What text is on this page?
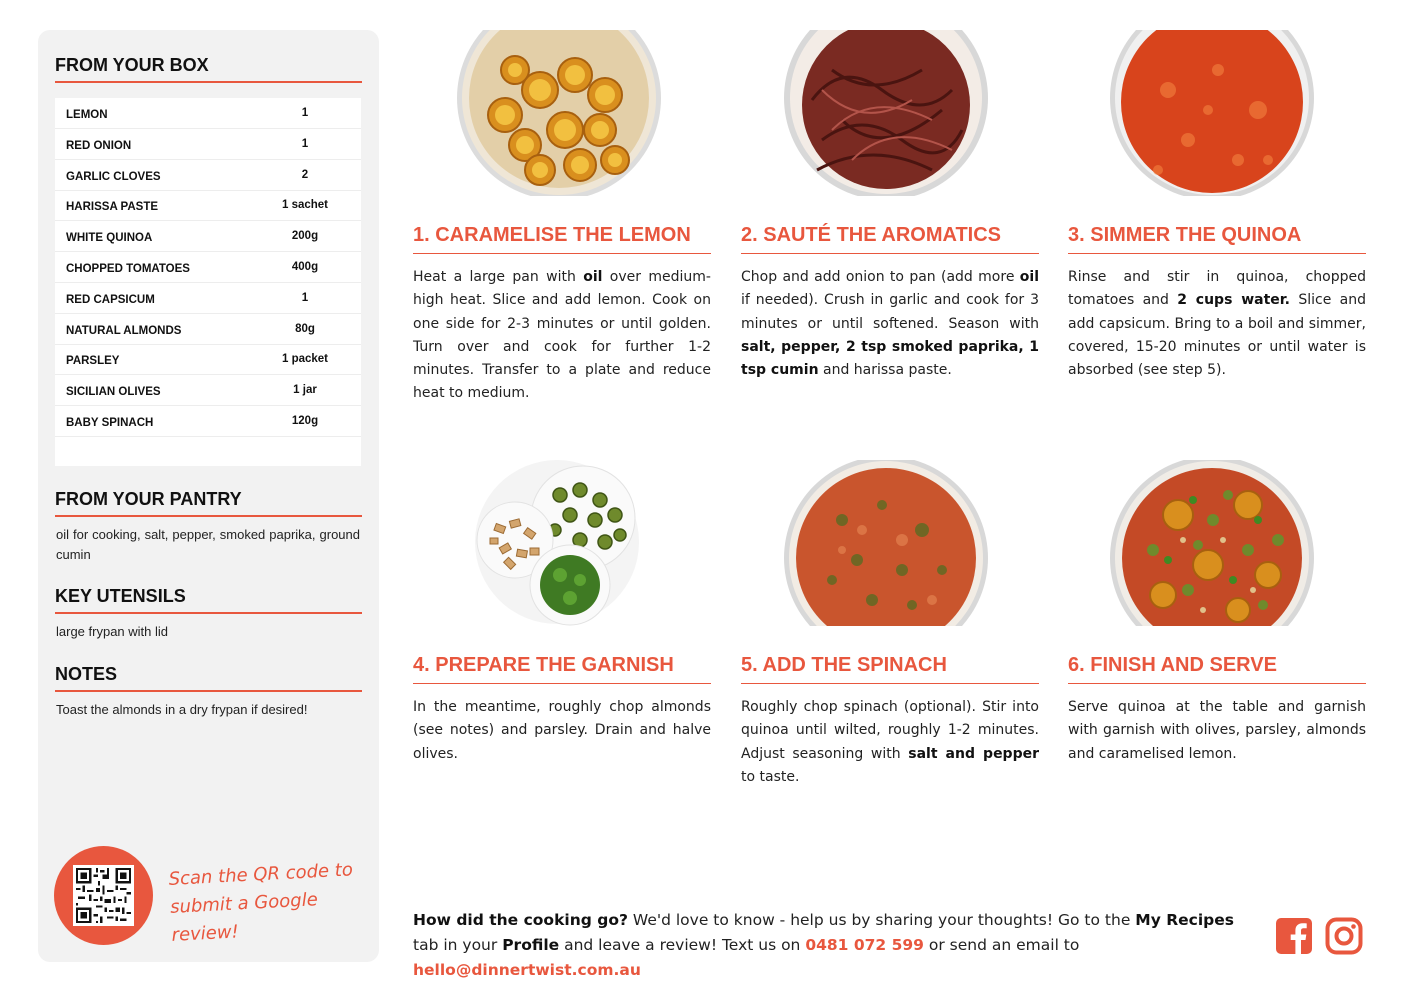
FROM YOUR BOX
LEMON	1
RED ONION	1
GARLIC CLOVES	2
HARISSA PASTE	1 sachet
WHITE QUINOA	200g
CHOPPED TOMATOES	400g
RED CAPSICUM	1
NATURAL ALMONDS	80g
PARSLEY	1 packet
SICILIAN OLIVES	1 jar
BABY SPINACH	120g
FROM YOUR PANTRY
oil for cooking, salt, pepper, smoked paprika, ground cumin
KEY UTENSILS
large frypan with lid
NOTES
Toast the almonds in a dry frypan if desired!
Scan the QR code to
submit a Google review!
1. CARAMELISE THE LEMON
Heat a large pan with oil over medium-high heat. Slice and add lemon. Cook on one side for 2-3 minutes or until golden. Turn over and cook for further 1-2 minutes. Transfer to a plate and reduce heat to medium.
2. SAUTÉ THE AROMATICS
Chop and add onion to pan (add more oil if needed). Crush in garlic and cook for 3 minutes or until softened. Season with salt, pepper, 2 tsp smoked paprika, 1 tsp cumin and harissa paste.
3. SIMMER THE QUINOA
Rinse and stir in quinoa, chopped tomatoes and 2 cups water. Slice and add capsicum. Bring to a boil and simmer, covered, 15-20 minutes or until water is absorbed (see step 5).
4. PREPARE THE GARNISH
In the meantime, roughly chop almonds (see notes) and parsley. Drain and halve olives.
5. ADD THE SPINACH
Roughly chop spinach (optional). Stir into quinoa until wilted, roughly 1-2 minutes. Adjust seasoning with salt and pepper to taste.
6. FINISH AND SERVE
Serve quinoa at the table and garnish with garnish with olives, parsley, almonds and caramelised lemon.
How did the cooking go? We'd love to know - help us by sharing your thoughts! Go to the My Recipes tab in your Profile and leave a review! Text us on 0481 072 599 or send an email to hello@dinnertwist.com.au
